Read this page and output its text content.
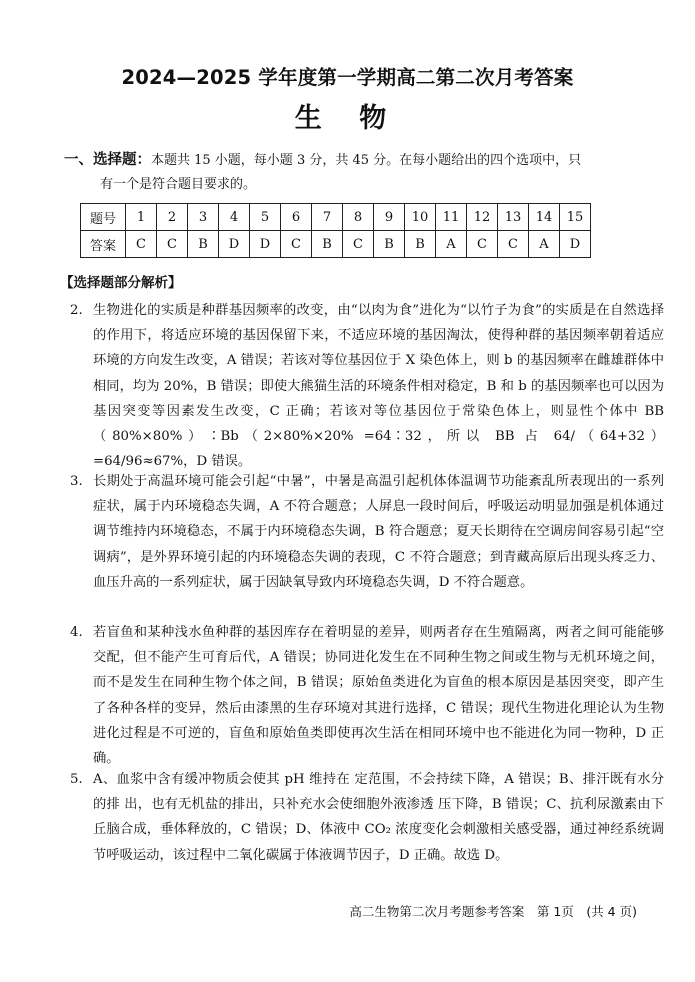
2024—2025 学年度第一学期高二第二次月考答案
生 物
一、选择题：本题共 15 小题，每小题 3 分，共 45 分。在每小题给出的四个选项中，只
有一个是符合题目要求的。
题号	1	2	3	4	5	6	7	8	9	10	11	12	13	14	15
答案	C	C	B	D	D	C	B	C	B	B	A	C	C	A	D
【选择题部分解析】
2. 生物进化的实质是种群基因频率的改变，由“以肉为食”进化为“以竹子为食”的实质是在自然选择的作用下，将适应环境的基因保留下来，不适应环境的基因淘汰，使得种群的基因频率朝着适应环境的方向发生改变，A 错误；若该对等位基因位于 X 染色体上，则 b 的基因频率在雌雄群体中相同，均为 20%，B 错误；即使大熊猫生活的环境条件相对稳定，B 和 b 的基因频率也可以因为基因突变等因素发生改变，C 正确；若该对等位基因位于常染色体上，则显性个体中 BB（80%×80%）∶Bb（2×80%×20% =64∶32，所以 BB 占 64/（64+32）=64/96≈67%，D 错误。
3. 长期处于高温环境可能会引起“中暑”，中暑是高温引起机体体温调节功能紊乱所表现出的一系列症状，属于内环境稳态失调，A 不符合题意；人屏息一段时间后，呼吸运动明显加强是机体通过调节维持内环境稳态，不属于内环境稳态失调，B 符合题意；夏天长期待在空调房间容易引起“空调病”，是外界环境引起的内环境稳态失调的表现，C 不符合题意；到青藏高原后出现头疼乏力、血压升高的一系列症状，属于因缺氧导致内环境稳态失调，D 不符合题意。
4. 若盲鱼和某种浅水鱼种群的基因库存在着明显的差异，则两者存在生殖隔离，两者之间可能能够交配，但不能产生可育后代，A 错误；协同进化发生在不同种生物之间或生物与无机环境之间，而不是发生在同种生物个体之间，B 错误；原始鱼类进化为盲鱼的根本原因是基因突变，即产生了各种各样的变异，然后由漆黑的生存环境对其进行选择，C 错误；现代生物进化理论认为生物进化过程是不可逆的，盲鱼和原始鱼类即使再次生活在相同环境中也不能进化为同一物种，D 正确。
5. A、血浆中含有缓冲物质会使其 pH 维持在 定范围，不会持续下降，A 错误；B、排汗既有水分的排 出，也有无机盐的排出，只补充水会使细胞外液渗透 压下降，B 错误；C、抗利尿激素由下丘脑合成，垂体释放的，C 错误；D、体液中 CO₂ 浓度变化会刺激相关感受器，通过神经系统调节呼吸运动，该过程中二氧化碳属于体液调节因子，D 正确。故选 D。
高二生物第二次月考题参考答案　第 1页　(共 4 页)
